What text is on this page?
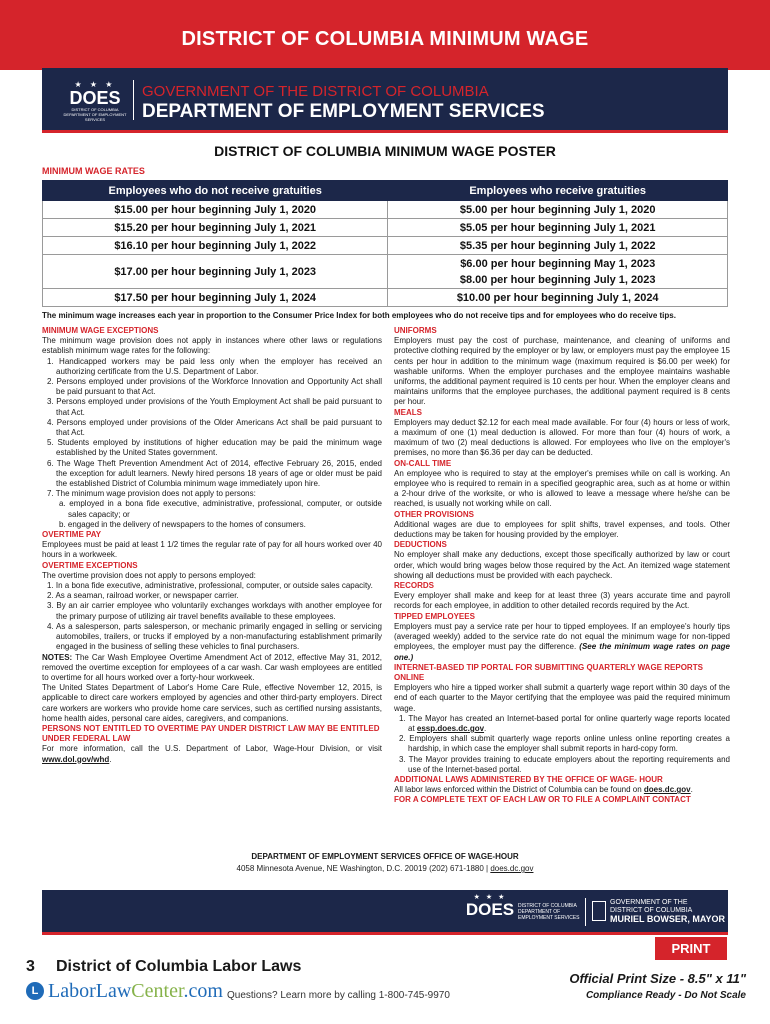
DISTRICT OF COLUMBIA MINIMUM WAGE
★ ★ ★
DOES
DISTRICT OF COLUMBIA DEPARTMENT OF EMPLOYMENT SERVICES
GOVERNMENT OF THE DISTRICT OF COLUMBIA
DEPARTMENT OF EMPLOYMENT SERVICES
DISTRICT OF COLUMBIA MINIMUM WAGE POSTER
MINIMUM WAGE RATES
Employees who do not receive gratuities	Employees who receive gratuities
$15.00 per hour beginning July 1, 2020	$5.00 per hour beginning July 1, 2020
$15.20 per hour beginning July 1, 2021	$5.05 per hour beginning July 1, 2021
$16.10 per hour beginning July 1, 2022	$5.35 per hour beginning July 1, 2022
$17.00 per hour beginning July 1, 2023	$6.00 per hour beginning May 1, 2023
$8.00 per hour beginning July 1, 2023

$17.50 per hour beginning July 1, 2024	$10.00 per hour beginning July 1, 2024
The minimum wage increases each year in proportion to the Consumer Price Index for both employees who do not receive tips and for employees who do receive tips.
MINIMUM WAGE EXCEPTIONS
The minimum wage provision does not apply in instances where other laws or regulations establish minimum wage rates for the following:
1. Handicapped workers may be paid less only when the employer has received an authorizing certificate from the U.S. Department of Labor.
2. Persons employed under provisions of the Workforce Innovation and Opportunity Act shall be paid pursuant to that Act.
3. Persons employed under provisions of the Youth Employment Act shall be paid pursuant to that Act.
4. Persons employed under provisions of the Older Americans Act shall be paid pursuant to that Act.
5. Students employed by institutions of higher education may be paid the minimum wage established by the United States government.
6. The Wage Theft Prevention Amendment Act of 2014, effective February 26, 2015, ended the exception for adult learners. Newly hired persons 18 years of age or older must be paid the established District of Columbia minimum wage immediately upon hire.
7. The minimum wage provision does not apply to persons:
a. employed in a bona fide executive, administrative, professional, computer, or outside sales capacity; or
b. engaged in the delivery of newspapers to the homes of consumers.
OVERTIME PAY
Employees must be paid at least 1 1/2 times the regular rate of pay for all hours worked over 40 hours in a workweek.
OVERTIME EXCEPTIONS
The overtime provision does not apply to persons employed:
1. In a bona fide executive, administrative, professional, computer, or outside sales capacity.
2. As a seaman, railroad worker, or newspaper carrier.
3. By an air carrier employee who voluntarily exchanges workdays with another employee for the primary purpose of utilizing air travel benefits available to these employees.
4. As a salesperson, parts salesperson, or mechanic primarily engaged in selling or servicing automobiles, trailers, or trucks if employed by a non-manufacturing establishment primarily engaged in the business of selling these vehicles to final purchasers.
NOTES: The Car Wash Employee Overtime Amendment Act of 2012, effective May 31, 2012, removed the overtime exception for employees of a car wash. Car wash employees are entitled to overtime for all hours worked over a forty-hour workweek.
The United States Department of Labor's Home Care Rule, effective November 12, 2015, is applicable to direct care workers employed by agencies and other third-party employers. Direct care workers are workers who provide home care services, such as certified nursing assistants, home health aides, personal care aides, caregivers, and companions.
PERSONS NOT ENTITLED TO OVERTIME PAY UNDER DISTRICT LAW MAY BE ENTITLED UNDER FEDERAL LAW
For more information, call the U.S. Department of Labor, Wage-Hour Division, or visit www.dol.gov/whd.
UNIFORMS
Employers must pay the cost of purchase, maintenance, and cleaning of uniforms and protective clothing required by the employer or by law, or employers must pay the employee 15 cents per hour in addition to the minimum wage (maximum required is $6.00 per week) for washable uniforms. When the employer purchases and the employee maintains washable uniforms, the additional payment required is 10 cents per hour. When the employer cleans and maintains uniforms that the employee purchases, the additional payment required is 8 cents per hour.
MEALS
Employers may deduct $2.12 for each meal made available. For four (4) hours or less of work, a maximum of one (1) meal deduction is allowed. For more than four (4) hours of work, a maximum of two (2) meal deductions is allowed. For employees who live on the employer's premises, no more than $6.36 per day can be deducted.
ON-CALL TIME
An employee who is required to stay at the employer's premises while on call is working. An employee who is required to remain in a specified geographic area, such as at home or within a 2-hour drive of the worksite, or who is allowed to leave a message where he/she can be reached, is usually not working while on call.
OTHER PROVISIONS
Additional wages are due to employees for split shifts, travel expenses, and tools. Other deductions may be taken for housing provided by the employer.
DEDUCTIONS
No employer shall make any deductions, except those specifically authorized by law or court order, which would bring wages below those required by the Act. An itemized wage statement showing all deductions must be provided with each paycheck.
RECORDS
Every employer shall make and keep for at least three (3) years accurate time and payroll records for each employee, in addition to other detailed records required by the Act.
TIPPED EMPLOYEES
Employers must pay a service rate per hour to tipped employees. If an employee's hourly tips (averaged weekly) added to the service rate do not equal the minimum wage for non-tipped employees, the employer must pay the difference. (See the minimum wage rates on page one.)
INTERNET-BASED TIP PORTAL FOR SUBMITTING QUARTERLY WAGE REPORTS ONLINE
Employers who hire a tipped worker shall submit a quarterly wage report within 30 days of the end of each quarter to the Mayor certifying that the employee was paid the required minimum wage.
1. The Mayor has created an Internet-based portal for online quarterly wage reports located at essp.does.dc.gov.
2. Employers shall submit quarterly wage reports online unless online reporting creates a hardship, in which case the employer shall submit reports in hard-copy form.
3. The Mayor provides training to educate employers about the reporting requirements and use of the Internet-based portal.
ADDITIONAL LAWS ADMINISTERED BY THE OFFICE OF WAGE- HOUR
All labor laws enforced within the District of Columbia can be found on does.dc.gov.
FOR A COMPLETE TEXT OF EACH LAW OR TO FILE A COMPLAINT CONTACT
DEPARTMENT OF EMPLOYMENT SERVICES OFFICE OF WAGE-HOUR
4058 Minnesota Avenue, NE Washington, D.C. 20019 (202) 671-1880 | does.dc.gov
★ ★ ★
DOES DISTRICT OF COLUMBIA DEPARTMENT OF EMPLOYMENT SERVICES
GOVERNMENT OF THE DISTRICT OF COLUMBIA
MURIEL BOWSER, MAYOR
PRINT
3 District of Columbia Labor Laws
L LaborLawCenter.com Questions? Learn more by calling 1-800-745-9970
Official Print Size - 8.5" x 11"
Compliance Ready - Do Not Scale
